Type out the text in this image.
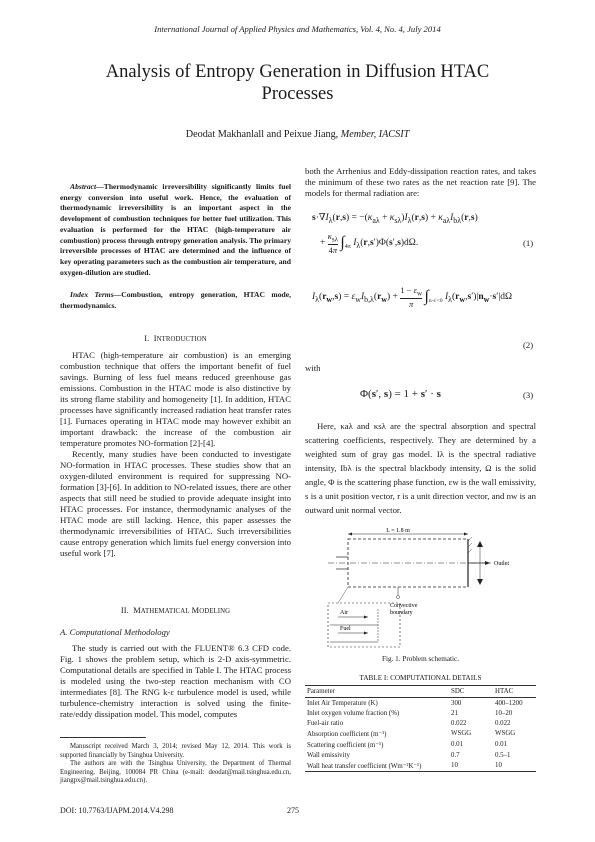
International Journal of Applied Physics and Mathematics, Vol. 4, No. 4, July 2014
Analysis of Entropy Generation in Diffusion HTAC
Processes
Deodat Makhanlall and Peixue Jiang, Member, IACSIT
Abstract—Thermodynamic irreversibility significantly limits fuel energy conversion into useful work. Hence, the evaluation of thermodynamic irreversibility is an important aspect in the development of combustion techniques for better fuel utilization. This evaluation is performed for the HTAC (high-temperature air combustion) process through entropy generation analysis. The primary irreversible processes of HTAC are determined and the influence of key operating parameters such as the combustion air temperature, and oxygen-dilution are studied.
Index Terms—Combustion, entropy generation, HTAC mode, thermodynamics.
I. INTRODUCTION

HTAC (high-temperature air combustion) is an emerging combustion technique that offers the important benefit of fuel savings. Burning of less fuel means reduced greenhouse gas emissions. Combustion in the HTAC mode is also distinctive by its strong flame stability and homogeneity [1]. In addition, HTAC processes have significantly increased radiation heat transfer rates [1]. Furnaces operating in HTAC mode may however exhibit an important drawback: the increase of the combustion air temperature promotes NO-formation [2]-[4].

Recently, many studies have been conducted to investigate NO-formation in HTAC processes. These studies show that an oxygen-diluted environment is required for suppressing NO-formation [3]-[6]. In addition to NO-related issues, there are other aspects that still need be studied to provide adequate insight into HTAC processes. For instance, thermodynamic analyses of the HTAC mode are still lacking. Hence, this paper assesses the thermodynamic irreversibilities of HTAC. Such irreversibilities cause entropy generation which limits fuel energy conversion into useful work [7].

II. MATHEMATICAL MODELING
A. Computational Methodology

The study is carried out with the FLUENT® 6.3 CFD code. Fig. 1 shows the problem setup, which is 2-D axis-symmetric. Computational details are specified in Table I. The HTAC process is modeled using the two-step reaction mechanism with CO intermediates [8]. The RNG k-ε turbulence model is used, while turbulence-chemistry interaction is solved using the finite-rate/eddy dissipation model. This model, computes

Manuscript received March 3, 2014; revised May 12, 2014. This work is supported financially by Tsinghua University.

The authors are with the Tsinghua University, the Department of Thermal Engineering, Beijing, 100084 PR China (e-mail: deodat@mail.tsinghua.edu.cn, jiangpx@mail.tsinghua.edu.cn).

DOI: 10.7763/IJAPM.2014.V4.298	275

both the Arrhenius and Eddy-dissipation reaction rates, and takes the minimum of these two rates as the net reaction rate [9]. The models for thermal radiation are:

$s\cdot\nabla I_\lambda(r,s) = -(\kappa_{a\lambda} + \kappa_{s\lambda})I_\lambda(r,s) + \kappa_{a\lambda}I_{b\lambda}(r,s)$
+
$\kappa_{s\lambda}$
4π $\int_{4\pi}$ $I_\lambda(r,s')\Phi(s',s)d\Omega$.	(1)
$I_\lambda(r_w,s) = \varepsilon_wI_{b,\lambda}(r_w) + \frac{1 - \varepsilon_w}{\pi} \int_{n\cdot s'<0}$ $I_\lambda(r_w,s')|n_w\cdot s'|d\Omega$
(2)
with
Φ(s′, s) = 1 + s′ · s	(3)

Here, κaλ and κsλ are the spectral absorption and spectral scattering coefficients, respectively. They are determined by a weighted sum of gray gas model. Iλ is the spectral radiative intensity, Ibλ is the spectral blackbody intensity, Ω is the solid angle, Φ is the scattering phase function, εw is the wall emissivity, s is a unit position vector, r is a unit direction vector, and nw is an outward unit normal vector.

L = 1.8 m
Convective
boundary
Air
Fuel
Outlet
Fig. 1. Problem schematic.
TABLE I: COMPUTATIONAL DETAILS
Parameter	SDC	HTAC
Inlet Air Temperature (K)	300	400–1200
Inlet oxygen volume fraction (%)	21	10–20
Fuel-air ratio	0.022	0.022
Absorption coefficient (m⁻¹)	WSGG	WSGG
Scattering coefficient (m⁻¹)	0.01	0.01
Wall emissivity	0.7	0.5–1
Wall heat transfer coefficient (Wm⁻²K⁻¹)	10	10
